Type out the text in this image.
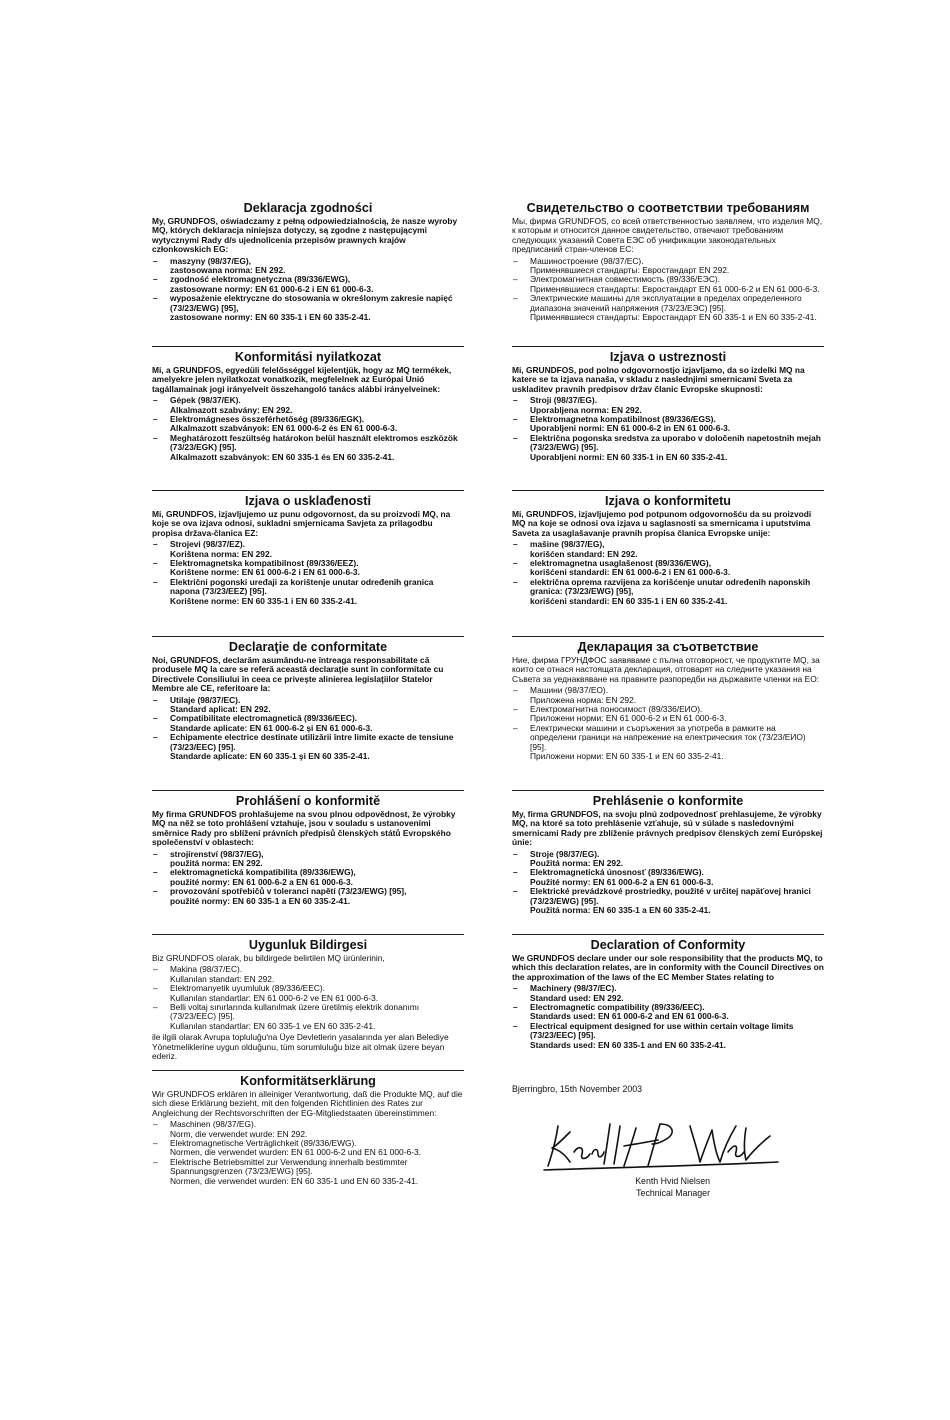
Deklaracja zgodności
My, GRUNDFOS, oświadczamy z pełną odpowiedzialnością, że nasze wyroby MQ, których deklaracja niniejsza dotyczy, są zgodne z następującymi wytycznymi Rady d/s ujednolicenia przepisów prawnych krajów członkowskich EG:
– maszyny (98/37/EG),
zastosowana norma: EN 292.
– zgodność elektromagnetyczna (89/336/EWG),
zastosowane normy: EN 61 000-6-2 i EN 61 000-6-3.
– wyposażenie elektryczne do stosowania w określonym zakresie napięć (73/23/EWG) [95],
zastosowane normy: EN 60 335-1 i EN 60 335-2-41.
Свидетельство о соответствии требованиям
Мы, фирма GRUNDFOS, со всей ответственностью заявляем, что изделия MQ, к которым и относится данное свидетельство, отвечают требованиям следующих указаний Совета ЕЭС об унификации законодательных предписаний стран-членов ЕС:
– Машиностроение (98/37/ЕС).
Применявшиеся стандарты: Евростандарт EN 292.
– Электромагнитная совместимость (89/336/ЕЭС).
Применявшиеся стандарты: Евростандарт EN 61 000-6-2 и EN 61 000-6-3.
– Электрические машины для эксплуатации в пределах определенного диапазона значений напряжения (73/23/ЕЭС) [95].
Применявшиеся стандарты: Евростандарт EN 60 335-1 и EN 60 335-2-41.
Konformitási nyilatkozat
Mi, a GRUNDFOS, egyedüli felelősséggel kijelentjük, hogy az MQ termékek, amelyekre jelen nyilatkozat vonatkozik, megfelelnek az Európai Unió tagállamainak jogi irányelveit összehangoló tanács alábbi irányelveinek:
– Gépek (98/37/EK).
Alkalmazott szabvány: EN 292.
– Elektromágneses összeférhetőség (89/336/EGK).
Alkalmazott szabványok: EN 61 000-6-2 és EN 61 000-6-3.
– Meghatározott feszültség határokon belül használt elektromos eszközök (73/23/EGK) [95].
Alkalmazott szabványok: EN 60 335-1 és EN 60 335-2-41.
Izjava o ustreznosti
Mi, GRUNDFOS, pod polno odgovornostjo izjavljamo, da so izdelki MQ na katere se ta izjava nanaša, v skladu z naslednjimi smernicami Sveta za uskladitev pravnih predpisov držav članic Evropske skupnosti:
– Stroji (98/37/EG).
Uporabljena norma: EN 292.
– Elektromagnetna kompatibilnost (89/336/EGS).
Uporabljeni normi: EN 61 000-6-2 in EN 61 000-6-3.
– Električna pogonska sredstva za uporabo v določenih napetostnih mejah (73/23/EWG) [95].
Uporabljeni normi: EN 60 335-1 in EN 60 335-2-41.
Izjava o usklađenosti
Mi, GRUNDFOS, izjavljujemo uz punu odgovornost, da su proizvodi MQ, na koje se ova izjava odnosi, sukladni smjernicama Savjeta za prilagodbu propisa država-članica EZ:
– Strojevi (98/37/EZ).
Korištena norma: EN 292.
– Elektromagnetska kompatibilnost (89/336/EEZ).
Korištene norme: EN 61 000-6-2 i EN 61 000-6-3.
– Električni pogonski uređaji za korištenje unutar određenih granica napona (73/23/EEZ) [95].
Korištene norme: EN 60 335-1 i EN 60 335-2-41.
Izjava o konformitetu
Mi, GRUNDFOS, izjavljujemo pod potpunom odgovornošću da su proizvodi MQ na koje se odnosi ova izjava u saglasnosti sa smernicama i uputstvima Saveta za usaglašavanje pravnih propisa članica Evropske unije:
– mašine (98/37/EG),
korišćen standard: EN 292.
– elektromagnetna usaglašenost (89/336/EWG),
korišćeni standardi: EN 61 000-6-2 i EN 61 000-6-3.
– električna oprema razvijena za korišćenje unutar određenih naponskih granica: (73/23/EWG) [95],
korišćeni standardi: EN 60 335-1 i EN 60 335-2-41.
Declaraţie de conformitate
Noi, GRUNDFOS, declarăm asumându-ne întreaga responsabilitate că produsele MQ la care se referă această declaraţie sunt în conformitate cu Directivele Consiliului în ceea ce priveşte alinierea legislaţiilor Statelor Membre ale CE, referitoare la:
– Utilaje (98/37/EC).
Standard aplicat: EN 292.
– Compatibilitate electromagnetică (89/336/EEC).
Standarde aplicate: EN 61 000-6-2 şi EN 61 000-6-3.
– Echipamente electrice destinate utilizării între limite exacte de tensiune (73/23/EEC) [95].
Standarde aplicate: EN 60 335-1 şi EN 60 335-2-41.
Декларация за съответствие
Ние, фирма ГРУНДФОС заявяваме с пълна отговорност, че продуктите MQ, за които се отнася настоящата декларация, отговарят на следните указания на Съвета за уеднаквяване на правните разпоредби на държавите членки на ЕО:
– Машини (98/37/ЕО).
Приложена норма: EN 292.
– Електромагнитна поносимост (89/336/ЕИО).
Приложени норми: EN 61 000-6-2 и EN 61 000-6-3.
– Електрически машини и съоръжения за употреба в рамките на определени граници на напрежение на електрическия ток (73/23/ЕИО) [95].
Приложени норми: EN 60 335-1 и EN 60 335-2-41.
Prohlášení o konformitě
My firma GRUNDFOS prohlašujeme na svou plnou odpovědnost, že výrobky MQ na něž se toto prohlášení vztahuje, jsou v souladu s ustanoveními směrnice Rady pro sblížení právních předpisů členských států Evropského společenství v oblastech:
– strojírenství (98/37/EG),
použitá norma: EN 292.
– elektromagnetická kompatibilita (89/336/EWG),
použité normy: EN 61 000-6-2 a EN 61 000-6-3.
– provozování spotřebičů v toleranci napětí (73/23/EWG) [95],
použité normy: EN 60 335-1 a EN 60 335-2-41.
Prehlásenie o konformite
My, firma GRUNDFOS, na svoju plnú zodpovednosť prehlasujeme, že výrobky MQ, na ktoré sa toto prehlásenie vzťahuje, sú v súlade s nasledovnými smernicami Rady pre zblíženie právnych predpisov členských zemí Európskej únie:
– Stroje (98/37/EG).
Použitá norma: EN 292.
– Elektromagnetická únosnosť (89/336/EWG).
Použité normy: EN 61 000-6-2 a EN 61 000-6-3.
– Elektrické prevádzkové prostriedky, použité v určitej napäťovej hranici (73/23/EWG) [95].
Použitá norma: EN 60 335-1 a EN 60 335-2-41.
Uygunluk Bildirgesi
Biz GRUNDFOS olarak, bu bildirgede belirtilen MQ ürünlerinin,
– Makina (98/37/EC).
Kullanılan standart: EN 292.
– Elektromanyetik uyumluluk (89/336/EEC).
Kullanılan standartlar: EN 61 000-6-2 ve EN 61 000-6-3.
– Belli voltaj sınırlarında kullanılmak üzere üretilmiş elektrik donanımı (73/23/EEC) [95].
Kullanılan standartlar: EN 60 335-1 ve EN 60 335-2-41.
ile ilgili olarak Avrupa topluluğu'na Üye Devletlerin yasalarında yer alan Belediye Yönetmeliklerine uygun olduğunu, tüm sorumluluğu bize ait olmak üzere beyan ederiz.
Declaration of Conformity
We GRUNDFOS declare under our sole responsibility that the products MQ, to which this declaration relates, are in conformity with the Council Directives on the approximation of the laws of the EC Member States relating to
– Machinery (98/37/EC).
Standard used: EN 292.
– Electromagnetic compatibility (89/336/EEC).
Standards used: EN 61 000-6-2 and EN 61 000-6-3.
– Electrical equipment designed for use within certain voltage limits (73/23/EEC) [95].
Standards used: EN 60 335-1 and EN 60 335-2-41.
Konformitätserklärung
Wir GRUNDFOS erklären in alleiniger Verantwortung, daß die Produkte MQ, auf die sich diese Erklärung bezieht, mit den folgenden Richtlinien des Rates zur Angleichung der Rechtsvorschriften der EG-Mitgliedstaaten übereinstimmen:
– Maschinen (98/37/EG).
Norm, die verwendet wurde: EN 292.
– Elektromagnetische Verträglichkeit (89/336/EWG).
Normen, die verwendet wurden: EN 61 000-6-2 und EN 61 000-6-3.
– Elektrische Betriebsmittel zur Verwendung innerhalb bestimmter Spannungsgrenzen (73/23/EWG) [95].
Normen, die verwendet wurden: EN 60 335-1 und EN 60 335-2-41.
Bjerringbro, 15th November 2003
Kenth Hvid Nielsen
Technical Manager
